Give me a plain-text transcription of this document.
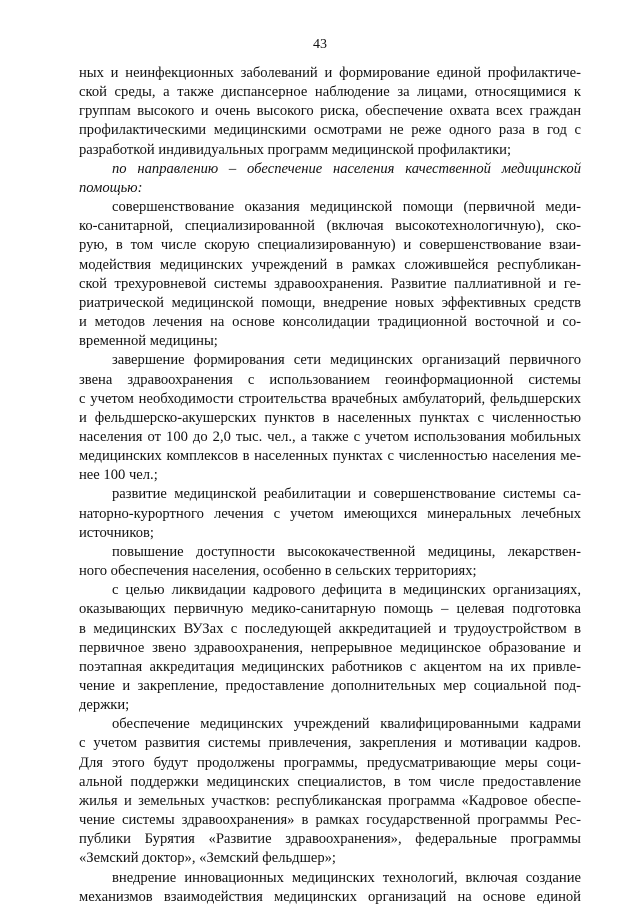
43

ных и неинфекционных заболеваний и формирование единой профилактиче-
ской среды, а также диспансерное наблюдение за лицами, относящимися к
группам высокого и очень высокого риска, обеспечение охвата всех граждан
профилактическими медицинскими осмотрами не реже одного раза в год с
разработкой индивидуальных программ медицинской профилактики;

по направлению – обеспечение населения качественной медицинской
помощью:

совершенствование оказания медицинской помощи (первичной меди-
ко-санитарной, специализированной (включая высокотехнологичную), ско-
рую, в том числе скорую специализированную) и совершенствование взаи-
модействия медицинских учреждений в рамках сложившейся республикан-
ской трехуровневой системы здравоохранения. Развитие паллиативной и ге-
риатрической медицинской помощи, внедрение новых эффективных средств
и методов лечения на основе консолидации традиционной восточной и со-
временной медицины;

завершение формирования сети медицинских организаций первичного
звена здравоохранения с использованием геоинформационной системы
с учетом необходимости строительства врачебных амбулаторий, фельдшерских
и фельдшерско-акушерских пунктов в населенных пунктах с численностью
населения от 100 до 2,0 тыс. чел., а также с учетом использования мобильных
медицинских комплексов в населенных пунктах с численностью населения ме-
нее 100 чел.;

развитие медицинской реабилитации и совершенствование системы са-
наторно-курортного лечения с учетом имеющихся минеральных лечебных
источников;

повышение доступности высококачественной медицины, лекарствен-
ного обеспечения населения, особенно в сельских территориях;

с целью ликвидации кадрового дефицита в медицинских организациях,
оказывающих первичную медико-санитарную помощь – целевая подготовка
в медицинских ВУЗах с последующей аккредитацией и трудоустройством в
первичное звено здравоохранения, непрерывное медицинское образование и
поэтапная аккредитация медицинских работников с акцентом на их привле-
чение и закрепление, предоставление дополнительных мер социальной под-
держки;

обеспечение медицинских учреждений квалифицированными кадрами
с учетом развития системы привлечения, закрепления и мотивации кадров.
Для этого будут продолжены программы, предусматривающие меры соци-
альной поддержки медицинских специалистов, в том числе предоставление
жилья и земельных участков: республиканская программа «Кадровое обеспе-
чение системы здравоохранения» в рамках государственной программы Рес-
публики Бурятия «Развитие здравоохранения», федеральные программы
«Земский доктор», «Земский фельдшер»;

внедрение инновационных медицинских технологий, включая создание
механизмов взаимодействия медицинских организаций на основе единой
